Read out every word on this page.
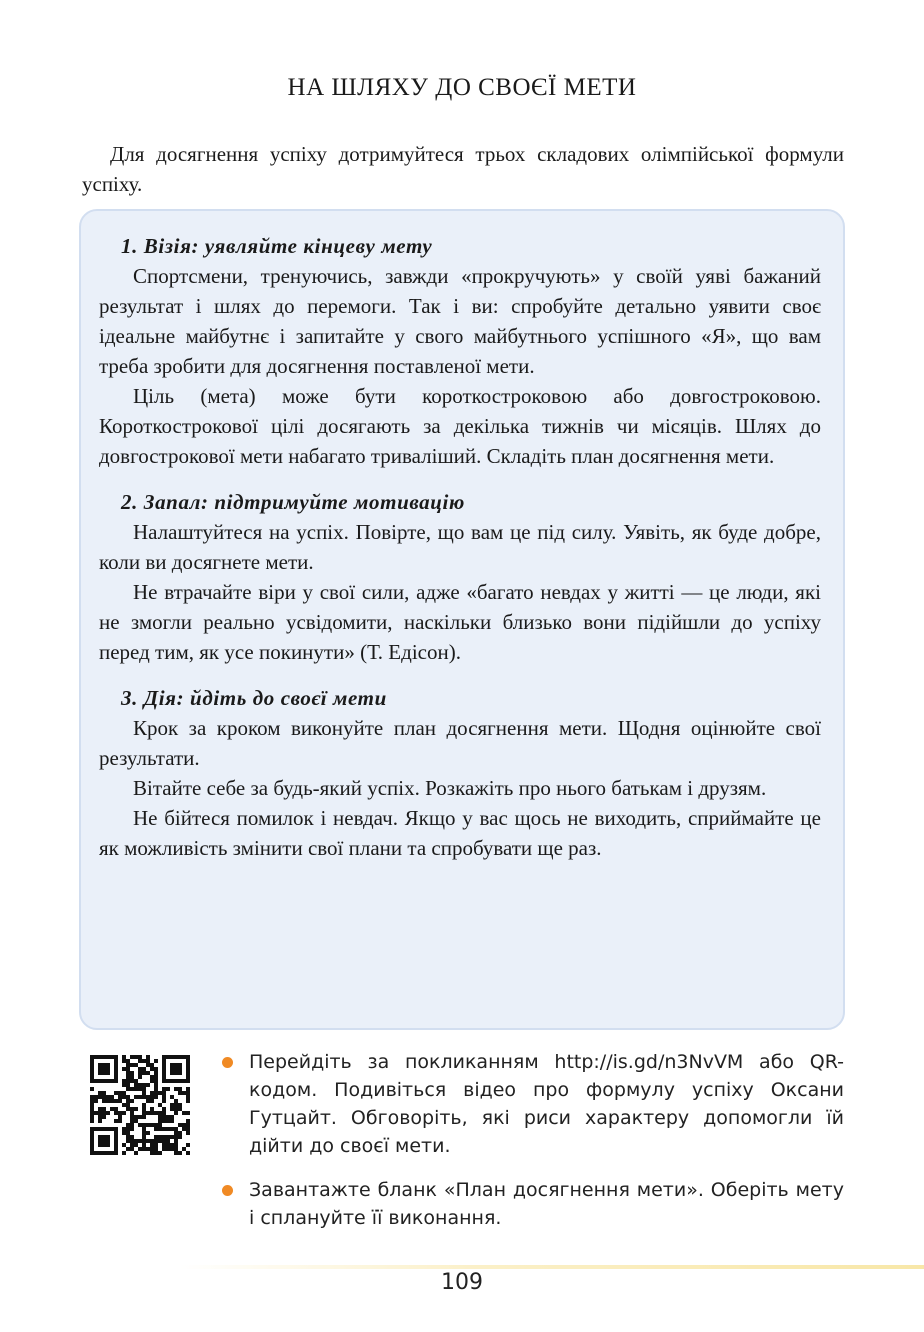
НА ШЛЯХУ ДО СВОЄЇ МЕТИ
Для досягнення успіху дотримуйтеся трьох складових олімпійської формули успіху.

1. Візія: уявляйте кінцеву мету

Спортсмени, тренуючись, завжди «прокручують» у своїй уяві бажаний результат і шлях до перемоги. Так і ви: спробуйте детально уявити своє ідеальне майбутнє і запитайте у свого майбутнього успішного «Я», що вам треба зробити для досягнення поставленої мети.

Ціль (мета) може бути короткостроковою або довгостроковою. Короткострокової цілі досягають за декілька тижнів чи місяців. Шлях до довгострокової мети набагато триваліший. Складіть план досягнення мети.

2. Запал: підтримуйте мотивацію

Налаштуйтеся на успіх. Повірте, що вам це під силу. Уявіть, як буде добре, коли ви досягнете мети.

Не втрачайте віри у свої сили, адже «багато невдах у житті — це люди, які не змогли реально усвідомити, наскільки близько вони підійшли до успіху перед тим, як усе покинути» (Т. Едісон).

3. Дія: йдіть до своєї мети

Крок за кроком виконуйте план досягнення мети. Щодня оцінюйте свої результати.

Вітайте себе за будь-який успіх. Розкажіть про нього батькам і друзям.

Не бійтеся помилок і невдач. Якщо у вас щось не виходить, сприймайте це як можливість змінити свої плани та спробувати ще раз.

Перейдіть за покликанням http://is.gd/n3NvVM або QR-кодом. Подивіться відео про формулу успіху Оксани Гутцайт. Обговоріть, які риси характеру допомогли їй дійти до своєї мети.

Завантажте бланк «План досягнення мети». Оберіть мету і сплануйте її виконання.

109
